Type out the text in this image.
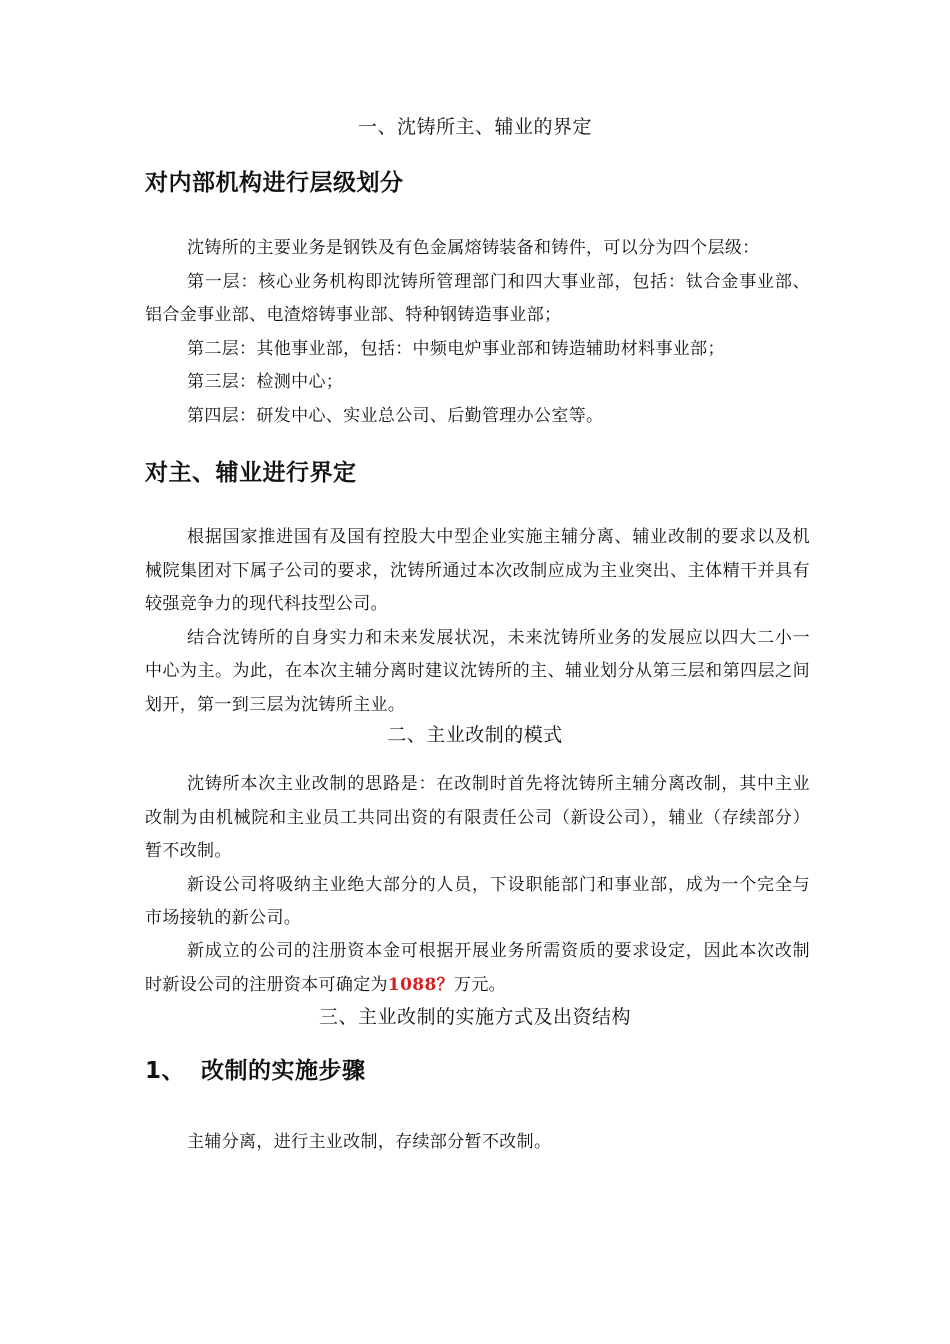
一、沈铸所主、辅业的界定
对内部机构进行层级划分

沈铸所的主要业务是钢铁及有色金属熔铸装备和铸件，可以分为四个层级：

第一层：核心业务机构即沈铸所管理部门和四大事业部，包括：钛合金事业部、铝合金事业部、电渣熔铸事业部、特种钢铸造事业部；

第二层：其他事业部，包括：中频电炉事业部和铸造辅助材料事业部；

第三层：检测中心；

第四层：研发中心、实业总公司、后勤管理办公室等。

对主、辅业进行界定

根据国家推进国有及国有控股大中型企业实施主辅分离、辅业改制的要求以及机械院集团对下属子公司的要求，沈铸所通过本次改制应成为主业突出、主体精干并具有较强竞争力的现代科技型公司。

结合沈铸所的自身实力和未来发展状况，未来沈铸所业务的发展应以四大二小一中心为主。为此，在本次主辅分离时建议沈铸所的主、辅业划分从第三层和第四层之间划开，第一到三层为沈铸所主业。

二、主业改制的模式

沈铸所本次主业改制的思路是：在改制时首先将沈铸所主辅分离改制，其中主业改制为由机械院和主业员工共同出资的有限责任公司（新设公司），辅业（存续部分）暂不改制。

新设公司将吸纳主业绝大部分的人员，下设职能部门和事业部，成为一个完全与市场接轨的新公司。

新成立的公司的注册资本金可根据开展业务所需资质的要求设定，因此本次改制时新设公司的注册资本可确定为1088？万元。

三、主业改制的实施方式及出资结构
1、 改制的实施步骤

主辅分离，进行主业改制，存续部分暂不改制。
